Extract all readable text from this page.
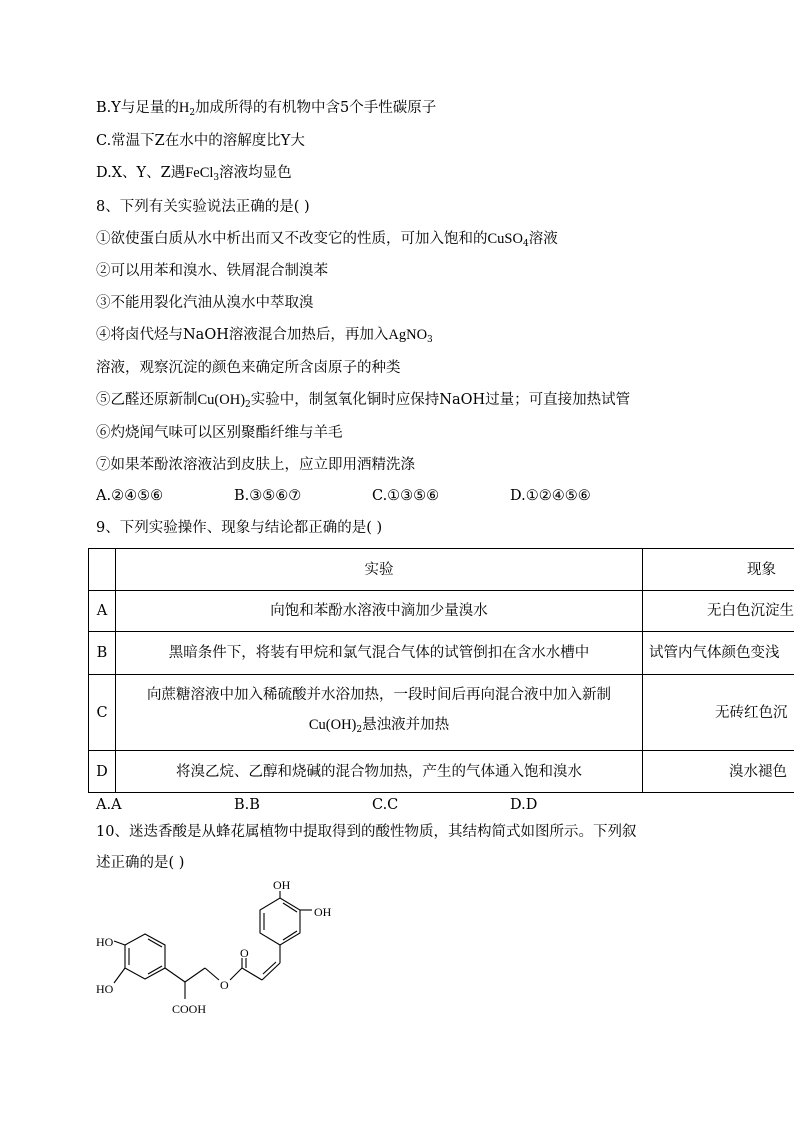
B.Y与足量的$H_2$加成所得的有机物中含5个手性碳原子
C.常温下Z在水中的溶解度比Y大
D.X、Y、Z遇FeCl$_3$溶液均显色
8、下列有关实验说法正确的是( )
①欲使蛋白质从水中析出而又不改变它的性质，可加入饱和的CuSO$_4$溶液
②可以用苯和溴水、铁屑混合制溴苯
③不能用裂化汽油从溴水中萃取溴
④将卤代烃与NaOH溶液混合加热后，再加入AgNO$_3$
溶液，观察沉淀的颜色来确定所含卤原子的种类
⑤乙醛还原新制$Cu(OH)_2$实验中，制氢氧化铜时应保持NaOH过量；可直接加热试管
⑥灼烧闻气味可以区别聚酯纤维与羊毛
⑦如果苯酚浓溶液沾到皮肤上，应立即用酒精洗涤
A.②④⑤⑥	B.③⑤⑥⑦	C.①③⑤⑥	D.①②④⑤⑥
9、下列实验操作、现象与结论都正确的是( )
	实验	现象
A	向饱和苯酚水溶液中滴加少量溴水	无白色沉淀生
B	黑暗条件下，将装有甲烷和氯气混合气体的试管倒扣在含水水槽中	试管内气体颜色变浅
C	向蔗糖溶液中加入稀硫酸并水浴加热，一段时间后再向混合液中加入新制
$Cu(OH)_2$悬浊液并加热	无砖红色沉
D	将溴乙烷、乙醇和烧碱的混合物加热，产生的气体通入饱和溴水	溴水褪色
A.A	B.B	C.C	D.D
10、迷迭香酸是从蜂花属植物中提取得到的酸性物质，其结构简式如图所示。下列叙
述正确的是( )
OH
OH
HO
HO
O
O
COOH
